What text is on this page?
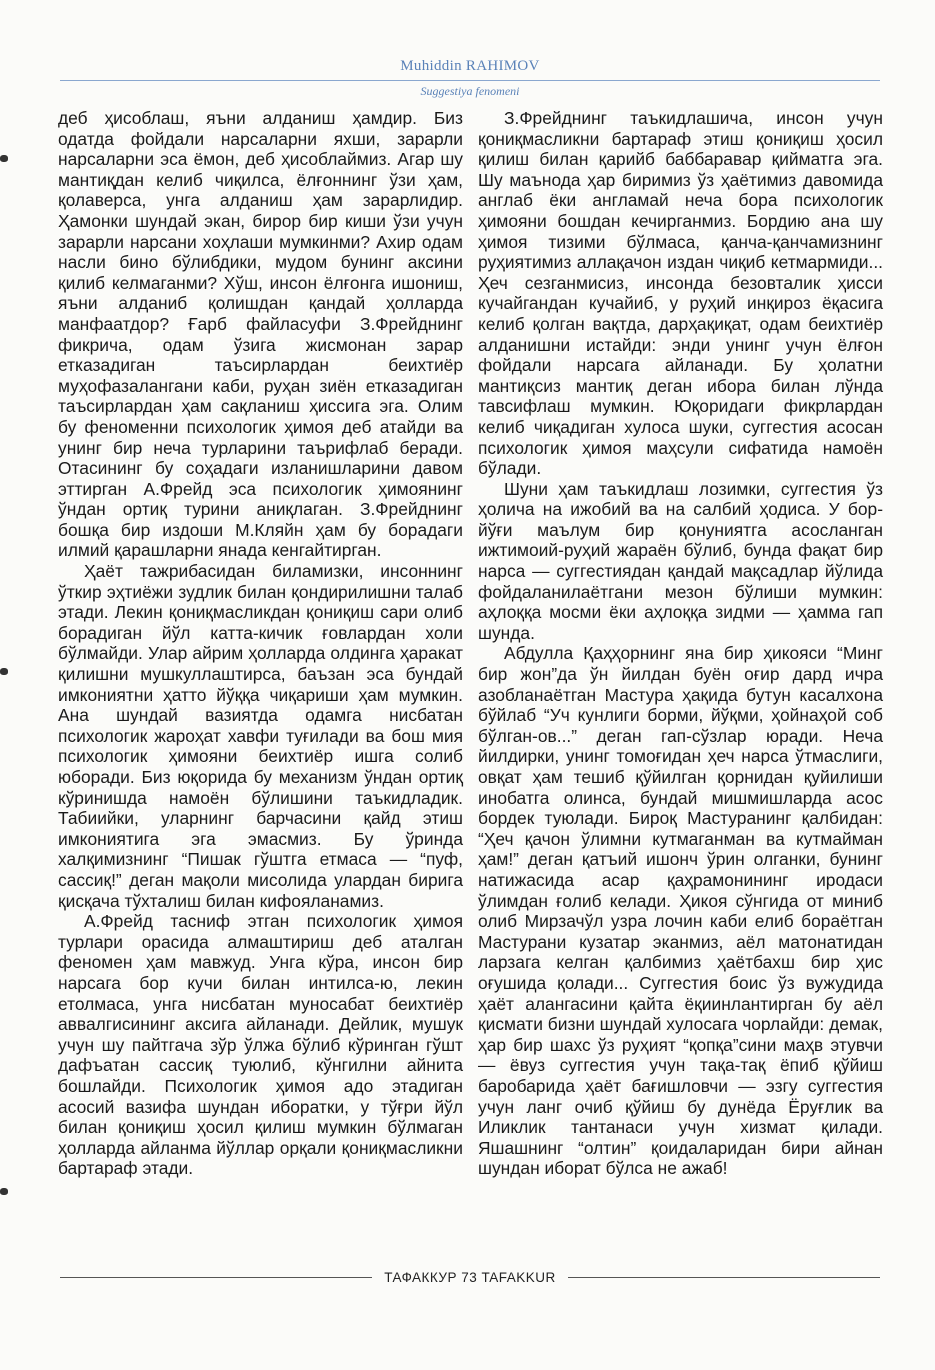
Muhiddin RAHIMOV
Suggestiya fenomeni

деб ҳисоблаш, яъни алданиш ҳамдир. Биз одатда фойдали нарсаларни яхши, зарарли нарсаларни эса ёмон, деб ҳисоблаймиз. Агар шу мантиқдан келиб чиқилса, ёлғоннинг ўзи ҳам, қолаверса, унга алданиш ҳам зарарлидир. Ҳамонки шундай экан, бирор бир киши ўзи учун зарарли нарсани хоҳлаши мумкинми? Ахир одам насли бино бўлибдики, мудом бунинг аксини қилиб келмаганми? Хўш, инсон ёлғонга ишониш, яъни алданиб қолишдан қандай ҳолларда манфаатдор? Ғарб файласуфи З.Фрейднинг фикрича, одам ўзига жисмонан зарар етказадиган таъсирлардан беихтиёр муҳофазалангани каби, руҳан зиён етказадиган таъсирлардан ҳам сақланиш ҳиссига эга. Олим бу феноменни психологик ҳимоя деб атайди ва унинг бир неча турларини таърифлаб беради. Отасининг бу соҳадаги изланишларини давом эттирган А.Фрейд эса психологик ҳимоянинг ўндан ортиқ турини аниқлаган. З.Фрейднинг бошқа бир издоши М.Кляйн ҳам бу борадаги илмий қарашларни янада кенгайтирган.

Ҳаёт тажрибасидан биламизки, инсоннинг ўткир эҳтиёжи зудлик билан қондирилишни талаб этади. Лекин қониқмасликдан қониқиш сари олиб борадиган йўл катта-кичик ғовлардан холи бўлмайди. Улар айрим ҳолларда олдинга ҳаракат қилишни мушкуллаштирса, баъзан эса бундай имкониятни ҳатто йўққа чиқариши ҳам мумкин. Ана шундай вазиятда одамга нисбатан психологик жароҳат хавфи туғилади ва бош мия психологик ҳимояни беихтиёр ишга солиб юборади. Биз юқорида бу механизм ўндан ортиқ кўринишда намоён бўлишини таъкидладик. Табиийки, уларнинг барчасини қайд этиш имкониятига эга эмасмиз. Бу ўринда халқимизнинг “Пишак гўштга етмаса — “пуф, сассиқ!” деган мақоли мисолида улардан бирига қисқача тўхталиш билан кифояланамиз.

А.Фрейд тасниф этган психологик ҳимоя турлари орасида алмаштириш деб аталган феномен ҳам мавжуд. Унга кўра, инсон бир нарсага бор кучи билан интилса-ю, лекин етолмаса, унга нисбатан муносабат беихтиёр аввалгисининг аксига айланади. Дейлик, мушук учун шу пайтгача зўр ўлжа бўлиб кўринган гўшт дафъатан сассиқ туюлиб, кўнгилни айнита бошлайди. Психологик ҳимоя адо этадиган асосий вазифа шундан иборатки, у тўғри йўл билан қониқиш ҳосил қилиш мумкин бўлмаган ҳолларда айланма йўллар орқали қониқмасликни бартараф этади.

З.Фрейднинг таъкидлашича, инсон учун қониқмасликни бартараф этиш қониқиш ҳосил қилиш билан қарийб баббаравар қийматга эга. Шу маънода ҳар биримиз ўз ҳаётимиз давомида англаб ёки англамай неча бора психологик ҳимояни бошдан кечирганмиз. Бордию ана шу ҳимоя тизими бўлмаса, қанча-қанчамизнинг руҳиятимиз аллақачон издан чиқиб кетмармиди... Ҳеч сезганмисиз, инсонда безовталик ҳисси кучайгандан кучайиб, у руҳий инқироз ёқасига келиб қолган вақтда, дарҳақиқат, одам беихтиёр алданишни истайди: энди унинг учун ёлғон фойдали нарсага айланади. Бу ҳолатни мантиқсиз мантиқ деган ибора билан лўнда тавсифлаш мумкин. Юқоридаги фикрлардан келиб чиқадиган хулоса шуки, суггестия асосан психологик ҳимоя маҳсули сифатида намоён бўлади.

Шуни ҳам таъкидлаш лозимки, суггестия ўз ҳолича на ижобий ва на салбий ҳодиса. У бор-йўғи маълум бир қонуниятга асосланган ижтимоий-руҳий жараён бўлиб, бунда фақат бир нарса — суггестиядан қандай мақсадлар йўлида фойдаланилаётгани мезон бўлиши мумкин: аҳлоққа мосми ёки аҳлоққа зидми — ҳамма гап шунда.

Абдулла Қаҳҳорнинг яна бир ҳикояси “Минг бир жон”да ўн йилдан буён оғир дард ичра азобланаётган Мастура ҳақида бутун касалхона бўйлаб “Уч кунлиги борми, йўқми, ҳойнаҳой соб бўлган-ов...” деган гап-сўзлар юради. Неча йилдирки, унинг томоғидан ҳеч нарса ўтмаслиги, овқат ҳам тешиб қўйилган қорнидан қуйилиши инобатга олинса, бундай мишмишларда асос бордек туюлади. Бироқ Мастуранинг қалбидан: “Ҳеч қачон ўлимни кутмаганман ва кутмайман ҳам!” деган қатъий ишонч ўрин олганки, бунинг натижасида асар қаҳрамонининг иродаси ўлимдан ғолиб келади. Ҳикоя сўнгида от миниб олиб Мирзачўл узра лочин каби елиб бораётган Мастурани кузатар эканмиз, аёл матонатидан ларзага келган қалбимиз ҳаётбахш бир ҳис оғушида қолади... Суггестия боис ўз вужудида ҳаёт алангасини қайта ёқиинлантирган бу аёл қисмати бизни шундай хулосага чорлайди: демак, ҳар бир шахс ўз руҳият “қопқа”сини маҳв этувчи — ёвуз суггестия учун тақа-тақ ёпиб қўйиш баробарида ҳаёт бағишловчи — эзгу суггестия учун ланг очиб қўйиш бу дунёда Ёруғлик ва Иликлик тантанаси учун хизмат қилади. Яшашнинг “олтин” қоидаларидан бири айнан шундан иборат бўлса не ажаб!

ТАФАККУР 73 TAFAKKUR
